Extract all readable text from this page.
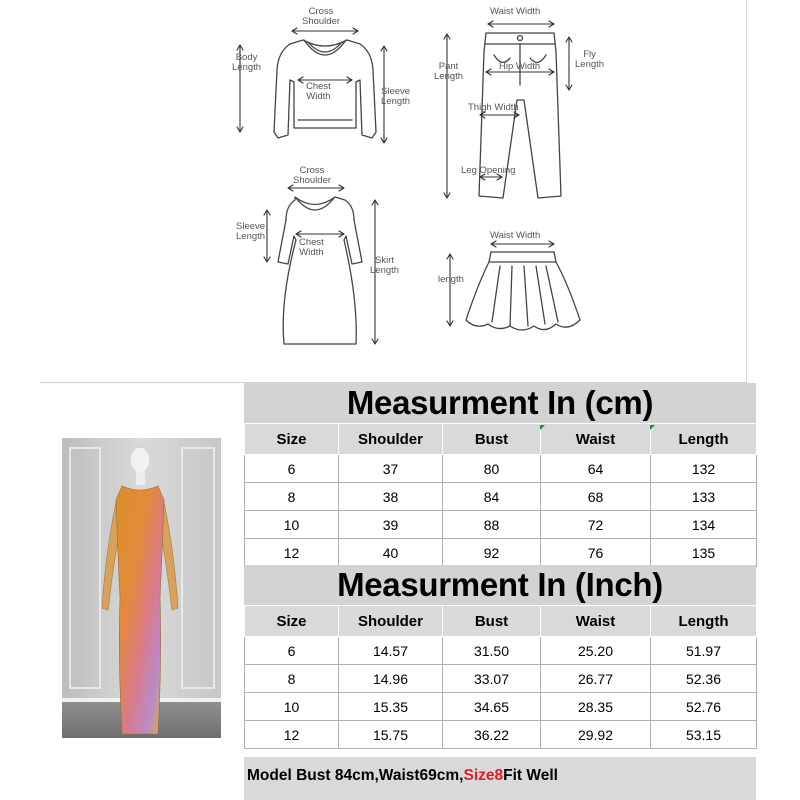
Cross
Shoulder
Body
Length
Chest
Width	Sleeve
Length
Waist Width
Pant
Length
Fly
Length
Hip Width
Thigh Width
Leg Opening
Cross
Shoulder
Sleeve
Length
Chest
Width
Skirt
Length
Waist Width
length
Measurment In (cm)
Size	Shoulder	Bust	Waist	Length
6	37	80	64	132
8	38	84	68	133
10	39	88	72	134
12	40	92	76	135
Measurment In (Inch)
Size	Shoulder	Bust	Waist	Length
6	14.57	31.50	25.20	51.97
8	14.96	33.07	26.77	52.36
10	15.35	34.65	28.35	52.76
12	15.75	36.22	29.92	53.15
Model Bust 84cm,Waist69cm,Size8Fit Well
